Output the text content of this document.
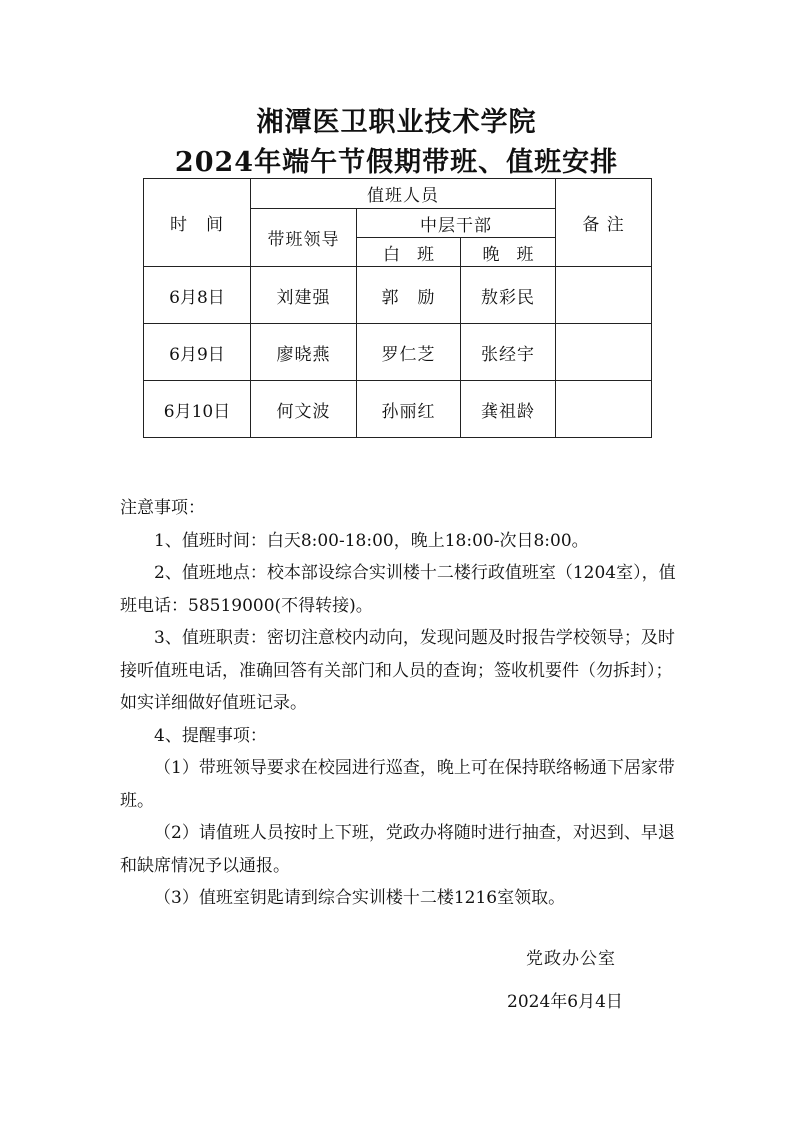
湘潭医卫职业技术学院
2024年端午节假期带班、值班安排
时　间	值班人员			备 注
	带班领导	中层干部		
		白　班	晚　班	
6月8日	刘建强	郭　励	敖彩民	
6月9日	廖晓燕	罗仁芝	张经宇	
6月10日	何文波	孙丽红	龚祖龄	

注意事项：

1、值班时间：白天8:00-18:00，晚上18:00-次日8:00。

2、值班地点：校本部设综合实训楼十二楼行政值班室（1204室），值班电话：58519000(不得转接)。

3、值班职责：密切注意校内动向，发现问题及时报告学校领导；及时接听值班电话，准确回答有关部门和人员的查询；签收机要件（勿拆封）；如实详细做好值班记录。

4、提醒事项：

（1）带班领导要求在校园进行巡查，晚上可在保持联络畅通下居家带班。

（2）请值班人员按时上下班，党政办将随时进行抽查，对迟到、早退和缺席情况予以通报。

（3）值班室钥匙请到综合实训楼十二楼1216室领取。

党政办公室
2024年6月4日
